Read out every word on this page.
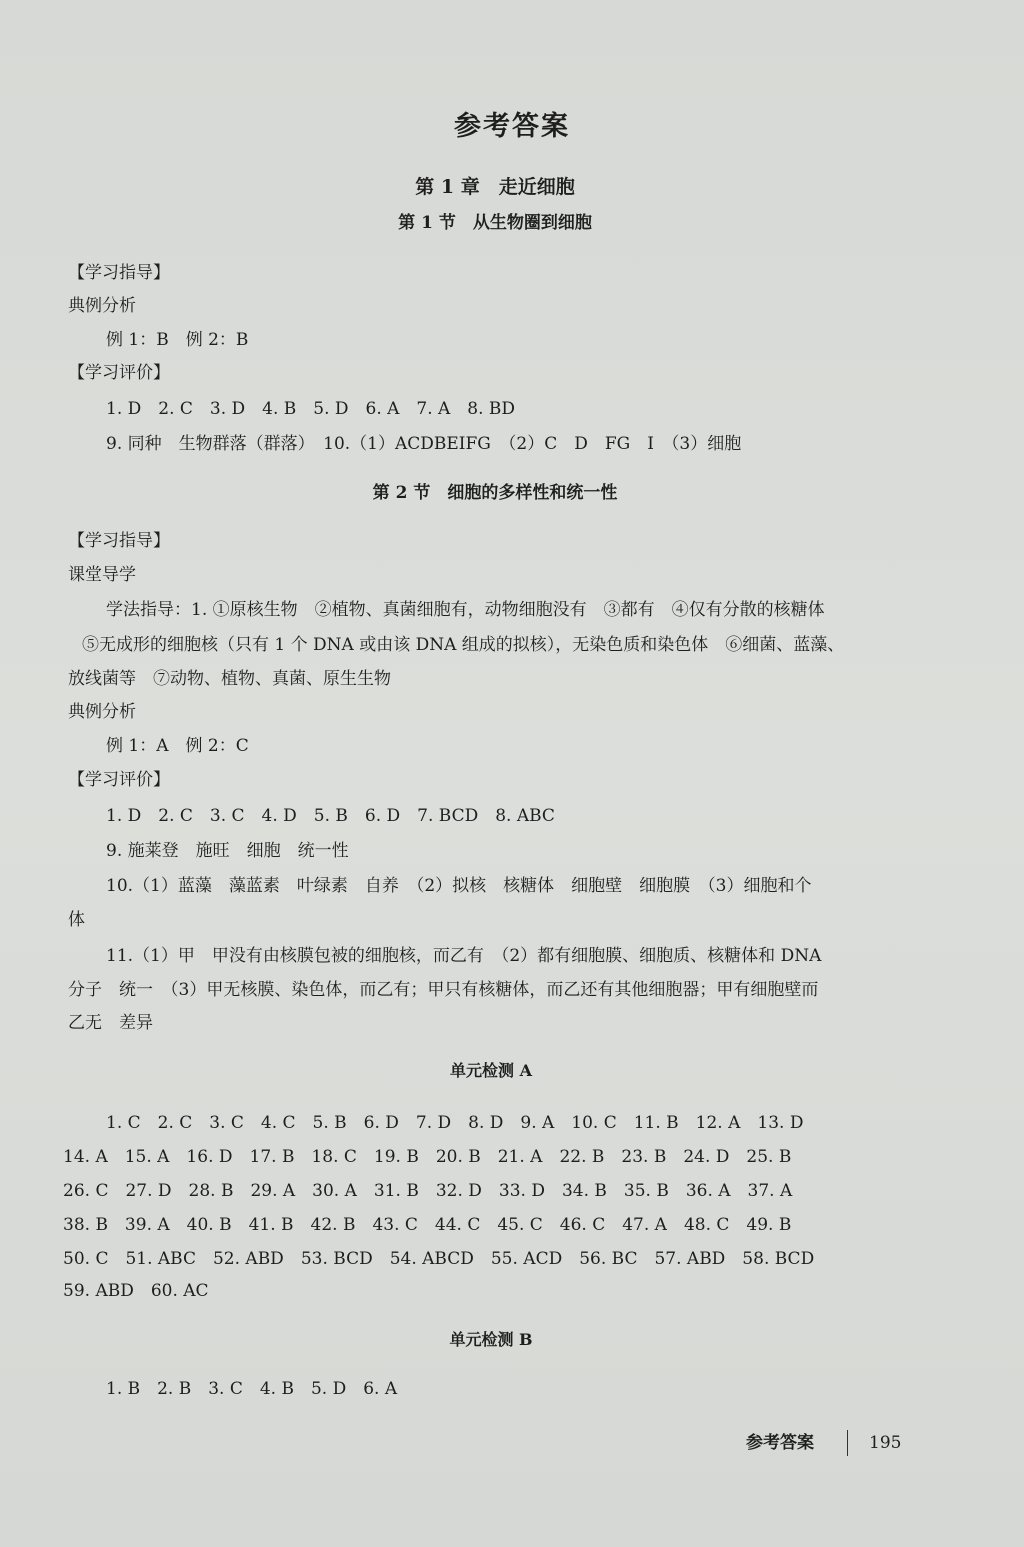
参考答案
第 1 章　走近细胞
第 1 节　从生物圈到细胞
【学习指导】
典例分析
例 1：B　例 2：B
【学习评价】
1. D　2. C　3. D　4. B　5. D　6. A　7. A　8. BD
9. 同种　生物群落（群落）　10.（1）ACDBEIFG　（2）C　D　FG　I　（3）细胞
第 2 节　细胞的多样性和统一性
【学习指导】
课堂导学
学法指导：1. ①原核生物　②植物、真菌细胞有，动物细胞没有　③都有　④仅有分散的核糖体
⑤无成形的细胞核（只有 1 个 DNA 或由该 DNA 组成的拟核），无染色质和染色体　⑥细菌、蓝藻、
放线菌等　⑦动物、植物、真菌、原生生物
典例分析
例 1：A　例 2：C
【学习评价】
1. D　2. C　3. C　4. D　5. B　6. D　7. BCD　8. ABC
9. 施莱登　施旺　细胞　统一性
10.（1）蓝藻　藻蓝素　叶绿素　自养　（2）拟核　核糖体　细胞壁　细胞膜　（3）细胞和个
体
11.（1）甲　甲没有由核膜包被的细胞核，而乙有　（2）都有细胞膜、细胞质、核糖体和 DNA
分子　统一　（3）甲无核膜、染色体，而乙有；甲只有核糖体，而乙还有其他细胞器；甲有细胞壁而
乙无　差异
单元检测 A
1. C　2. C　3. C　4. C　5. B　6. D　7. D　8. D　9. A　10. C　11. B　12. A　13. D
14. A　15. A　16. D　17. B　18. C　19. B　20. B　21. A　22. B　23. B　24. D　25. B
26. C　27. D　28. B　29. A　30. A　31. B　32. D　33. D　34. B　35. B　36. A　37. A
38. B　39. A　40. B　41. B　42. B　43. C　44. C　45. C　46. C　47. A　48. C　49. B
50. C　51. ABC　52. ABD　53. BCD　54. ABCD　55. ACD　56. BC　57. ABD　58. BCD
59. ABD　60. AC
单元检测 B
1. B　2. B　3. C　4. B　5. D　6. A
参考答案	195
